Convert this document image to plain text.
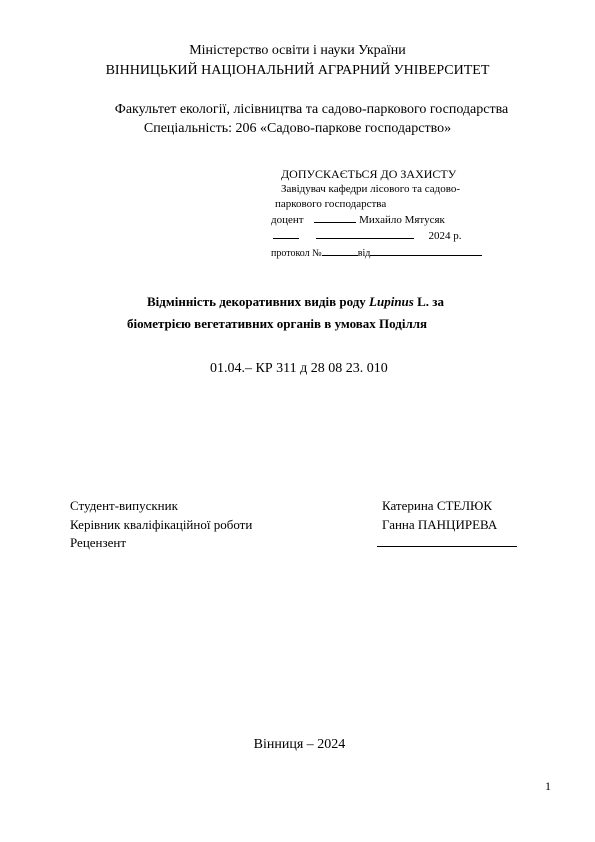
Міністерство освіти і науки України
ВІННИЦЬКИЙ НАЦІОНАЛЬНИЙ АГРАРНИЙ УНІВЕРСИТЕТ
Факультет екології, лісівництва та садово-паркового господарства
Спеціальність: 206 «Садово-паркове господарство»
ДОПУСКАЄТЬСЯ ДО ЗАХИСТУ
Завідувач кафедри лісового та садово-
паркового господарства
доцент	Михайло Мятусяк
2024 р.
протокол №	від
Відмінність декоративних видів роду Lupinus L. за
біометрією вегетативних органів в умовах Поділля
01.04.– КР 311 д 28 08 23. 010
Студент-випускник	Катерина СТЕЛЮК
Керівник кваліфікаційної роботи	Ганна ПАНЦИРЕВА
Рецензент
Вінниця – 2024
1
